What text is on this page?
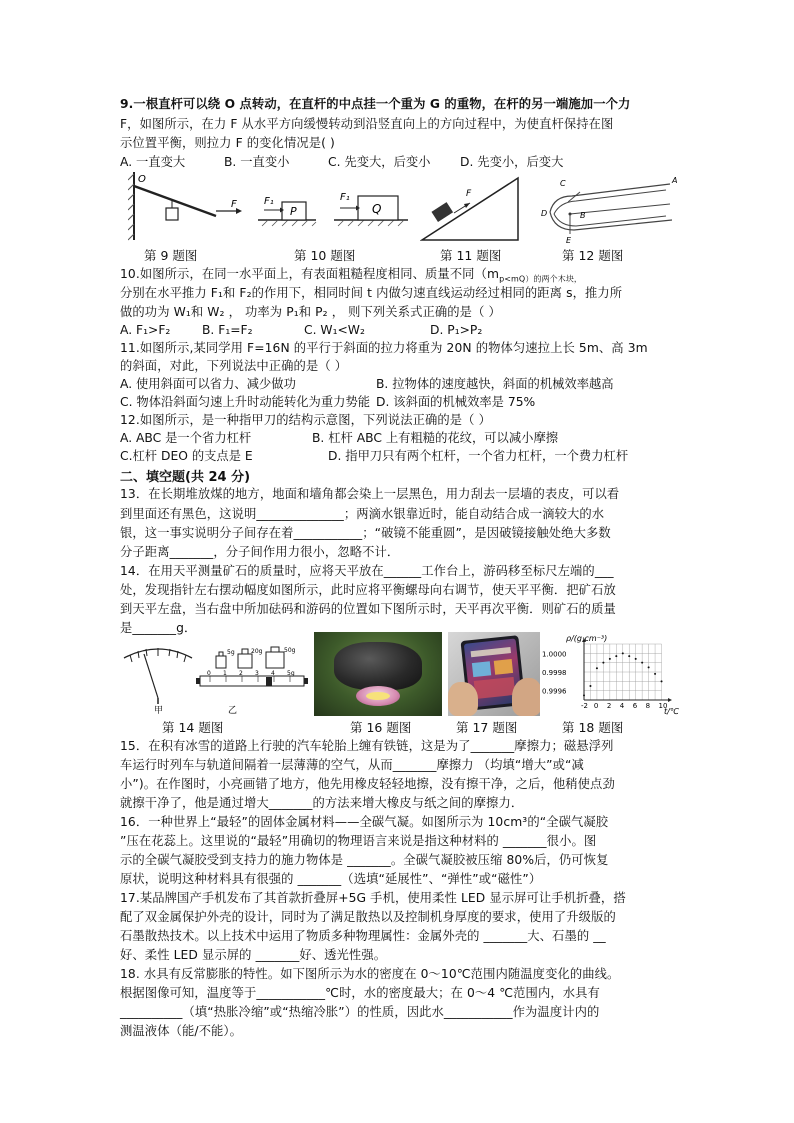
9.一根直杆可以绕 O 点转动，在直杆的中点挂一个重为 G 的重物，在杆的另一端施加一个力
F，如图所示，在力 F 从水平方向缓慢转动到沿竖直向上的方向过程中，为使直杆保持在图
示位置平衡，则拉力 F 的变化情况是( )
A. 一直变大	B. 一直变小	C. 先变大，后变小 D. 先变小，后变大
O
F	F₁
P
F₁
Q
F
C	A
B
D
E
第 9 题图	第 10 题图	第 11 题图	第 12 题图
10.如图所示，在同一水平面上，有表面粗糙程度相同、质量不同（$m_{p<mQ)的两个木块,}$
分别在水平推力 F₁和 F₂的作用下，相同时间 t 内做匀速直线运动经过相同的距离 s，推力所
做的功为 W₁和 W₂ ， 功率为 P₁和 P₂ ， 则下列关系式正确的是（ ）
A. F₁>F₂	B. F₁=F₂	C. W₁<W₂	D. P₁>P₂
11.如图所示,某同学用 F=16N 的平行于斜面的拉力将重为 20N 的物体匀速拉上长 5m、高 3m
的斜面，对此，下列说法中正确的是（ ）
A. 使用斜面可以省力、减少做功	B. 拉物体的速度越快，斜面的机械效率越高
C. 物体沿斜面匀速上升时动能转化为重力势能 D. 该斜面的机械效率是 75%
12.如图所示，是一种指甲刀的结构示意图，下列说法正确的是（ ）
A. ABC 是一个省力杠杆	B. 杠杆 ABC 上有粗糙的花纹，可以减小摩擦
C.杠杆 DEO 的支点是 E	D. 指甲刀只有两个杠杆，一个省力杠杆，一个费力杠杆
二、填空题(共 24 分)
13．在长期堆放煤的地方，地面和墙角都会染上一层黑色，用力刮去一层墙的表皮，可以看
到里面还有黑色，这说明______________；两滴水银靠近时，能自动结合成一滴较大的水
银，这一事实说明分子间存在着___________；“破镜不能重圆”，是因破镜接触处绝大多数
分子距离_______，分子间作用力很小，忽略不计．
14．在用天平测量矿石的质量时，应将天平放在______工作台上，游码移至标尺左端的___
处，发现指针左右摆动幅度如图所示，此时应将平衡螺母向右调节，使天平平衡．把矿石放
到天平左盘，当右盘中所加砝码和游码的位置如下图所示时，天平再次平衡．则矿石的质量
是_______g．
甲
5g	20g	50g
0 1 2 3 4 5g
乙	-2 0 2 4 6 8 10
1.0000
0.9998
0.9996
ρ/(g·cm⁻³)
t/℃
第 14 题图	第 16 题图	第 17 题图	第 18 题图
15．在积有冰雪的道路上行驶的汽车轮胎上缠有铁链，这是为了_______摩擦力；磁悬浮列
车运行时列车与轨道间隔着一层薄薄的空气，从而_______摩擦力 （均填“增大”或“减
小”)。在作图时，小亮画错了地方，他先用橡皮轻轻地擦，没有擦干净，之后，他稍使点劲
就擦干净了，他是通过增大_______的方法来增大橡皮与纸之间的摩擦力．
16．一种世界上“最轻”的固体金属材料——全碳气凝。如图所示为 10cm³的“全碳气凝胶
”压在花蕊上。这里说的“最轻”用确切的物理语言来说是指这种材料的 _______很小。图
示的全碳气凝胶受到支持力的施力物体是 _______。全碳气凝胶被压缩 80%后，仍可恢复
原状，说明这种材料具有很强的 _______（选填“延展性”、“弹性”或“磁性”）
17.某品牌国产手机发布了其首款折叠屏+5G 手机，使用柔性 LED 显示屏可让手机折叠，搭
配了双金属保护外壳的设计，同时为了满足散热以及控制机身厚度的要求，使用了升级版的
石墨散热技术。以上技术中运用了物质多种物理属性：金属外壳的 _______大、石墨的 __
好、柔性 LED 显示屏的 _______好、透光性强。
18. 水具有反常膨胀的特性。如下图所示为水的密度在 0～10℃范围内随温度变化的曲线。
根据图像可知，温度等于___________℃时，水的密度最大；在 0～4 ℃范围内，水具有
__________（填“热胀冷缩”或“热缩冷胀”）的性质，因此水___________作为温度计内的
测温液体（能/不能）。
